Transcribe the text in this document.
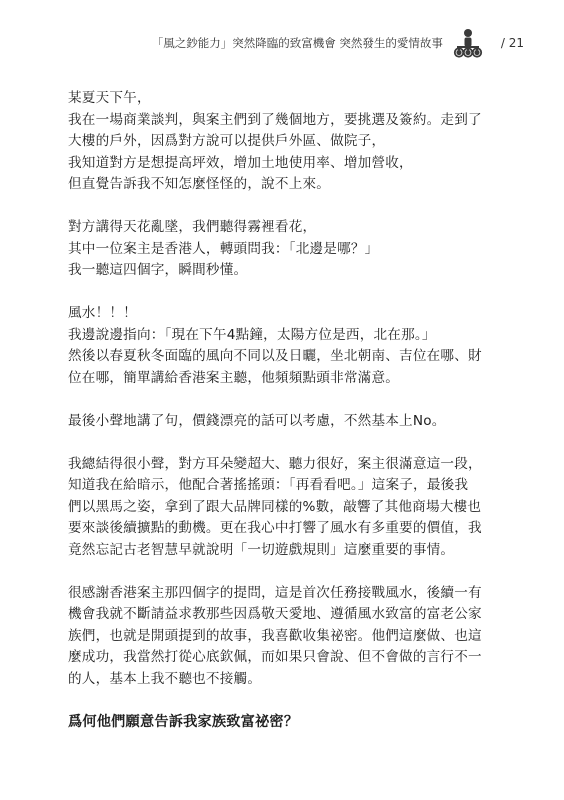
「風之鈔能力」突然降臨的致富機會 突然發生的愛情故事	/ 21
某夏天下午，
我在一場商業談判，與案主們到了幾個地方，要挑選及簽約。走到了
大樓的戶外，因爲對方說可以提供戶外區、做院子，
我知道對方是想提高坪效，增加土地使用率、增加營收，
但直覺告訴我不知怎麼怪怪的，說不上來。
對方講得天花亂墜，我們聽得霧裡看花，
其中一位案主是香港人，轉頭問我：「北邊是哪？」
我一聽這四個字，瞬間秒懂。
風水！！！
我邊說邊指向：「現在下午4點鐘，太陽方位是西，北在那。」
然後以春夏秋冬面臨的風向不同以及日曬，坐北朝南、吉位在哪、財
位在哪，簡單講給香港案主聽，他頻頻點頭非常滿意。
最後小聲地講了句，價錢漂亮的話可以考慮，不然基本上No。
我總結得很小聲，對方耳朵變超大、聽力很好，案主很滿意這一段，
知道我在給暗示，他配合著搖搖頭：「再看看吧。」這案子，最後我
們以黑馬之姿，拿到了跟大品牌同樣的%數，敲響了其他商場大樓也
要來談後續擴點的動機。更在我心中打響了風水有多重要的價值，我
竟然忘記古老智慧早就說明「一切遊戲規則」這麼重要的事情。
很感謝香港案主那四個字的提問，這是首次任務接戰風水，後續一有
機會我就不斷請益求教那些因爲敬天愛地、遵循風水致富的富老公家
族們，也就是開頭提到的故事，我喜歡收集祕密。他們這麼做、也這
麼成功，我當然打從心底欽佩，而如果只會說、但不會做的言行不一
的人，基本上我不聽也不接觸。
爲何他們願意告訴我家族致富祕密？
